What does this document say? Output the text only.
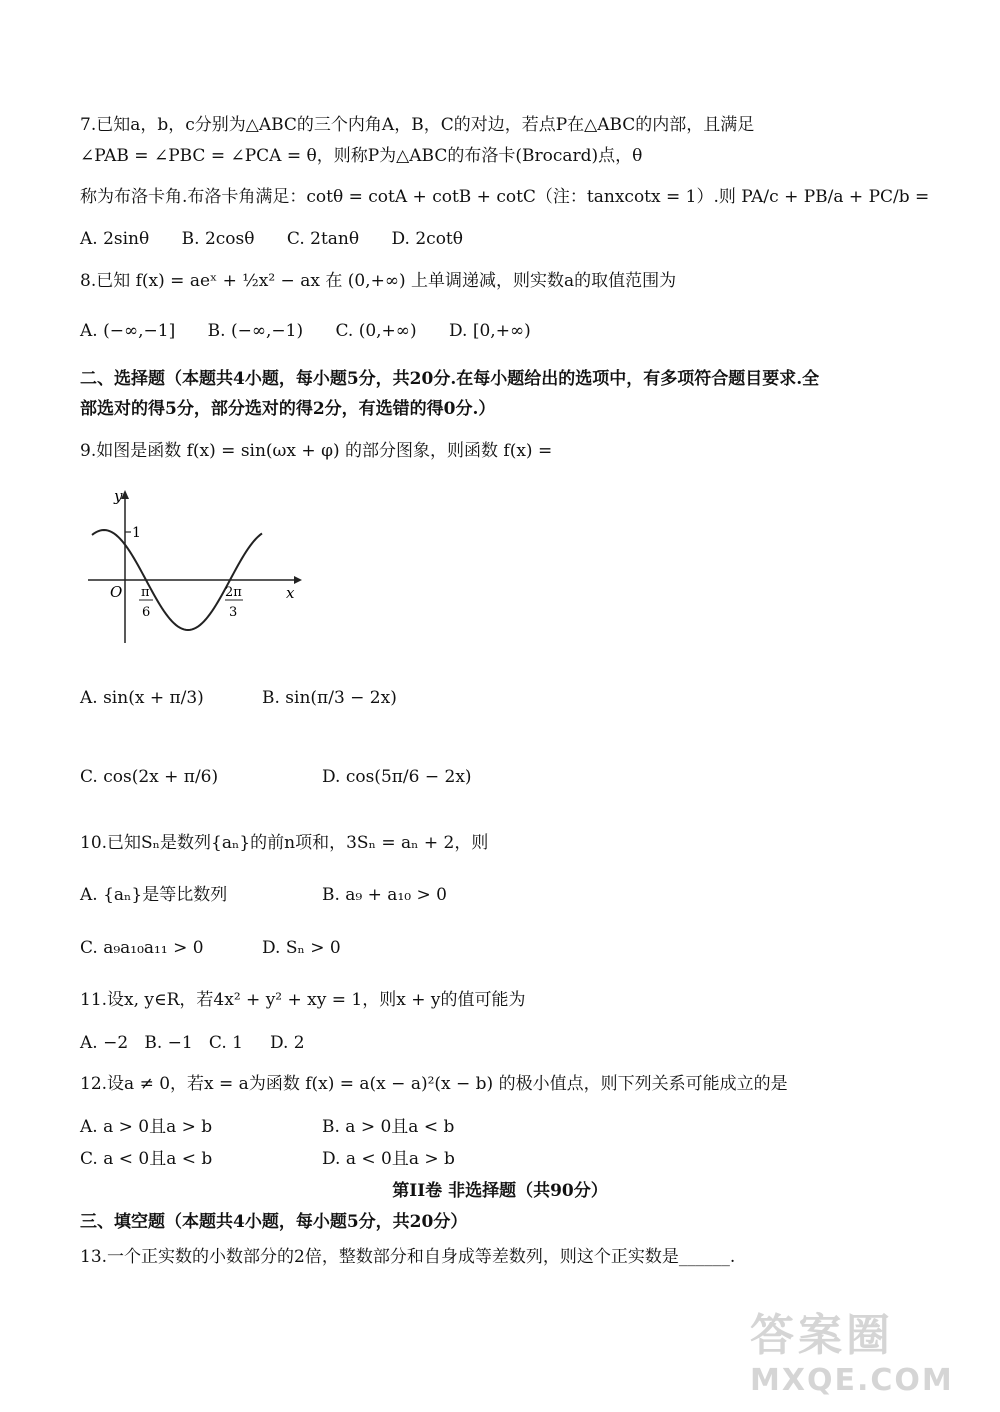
7.已知a，b，c分别为△ABC的三个内角A，B，C的对边，若点P在△ABC的内部，且满足
∠PAB = ∠PBC = ∠PCA = θ，则称P为△ABC的布洛卡(Brocard)点，θ
称为布洛卡角.布洛卡角满足：cotθ = cotA + cotB + cotC（注：tanxcotx = 1）.则 PA/c + PB/a + PC/b =
A. 2sinθ      B. 2cosθ      C. 2tanθ      D. 2cotθ
8.已知 f(x) = aeˣ + ½x² − ax 在 (0,+∞) 上单调递减，则实数a的取值范围为
A. (−∞,−1]      B. (−∞,−1)      C. (0,+∞)      D. [0,+∞)
二、选择题（本题共4小题，每小题5分，共20分.在每小题给出的选项中，有多项符合题目要求.全
部选对的得5分，部分选对的得2分，有选错的得0分.）
9.如图是函数 f(x) = sin(ωx + φ) 的部分图象，则函数 f(x) =
y
x
O
1
π
6
2π
3
A. sin(x + π/3)	B. sin(π/3 − 2x)
C. cos(2x + π/6)	D. cos(5π/6 − 2x)
10.已知Sₙ是数列{aₙ}的前n项和，3Sₙ = aₙ + 2，则
A. {aₙ}是等比数列	B. a₉ + a₁₀ > 0
C. a₉a₁₀a₁₁ > 0	D. Sₙ > 0
11.设x, y∈R，若4x² + y² + xy = 1，则x + y的值可能为
A. −2   B. −1   C. 1     D. 2
12.设a ≠ 0，若x = a为函数 f(x) = a(x − a)²(x − b) 的极小值点，则下列关系可能成立的是
A. a > 0且a > b	B. a > 0且a < b
C. a < 0且a < b	D. a < 0且a > b
第II卷 非选择题（共90分）
三、填空题（本题共4小题，每小题5分，共20分）
13.一个正实数的小数部分的2倍，整数部分和自身成等差数列，则这个正实数是______.
答案圈
MXQE.COM
